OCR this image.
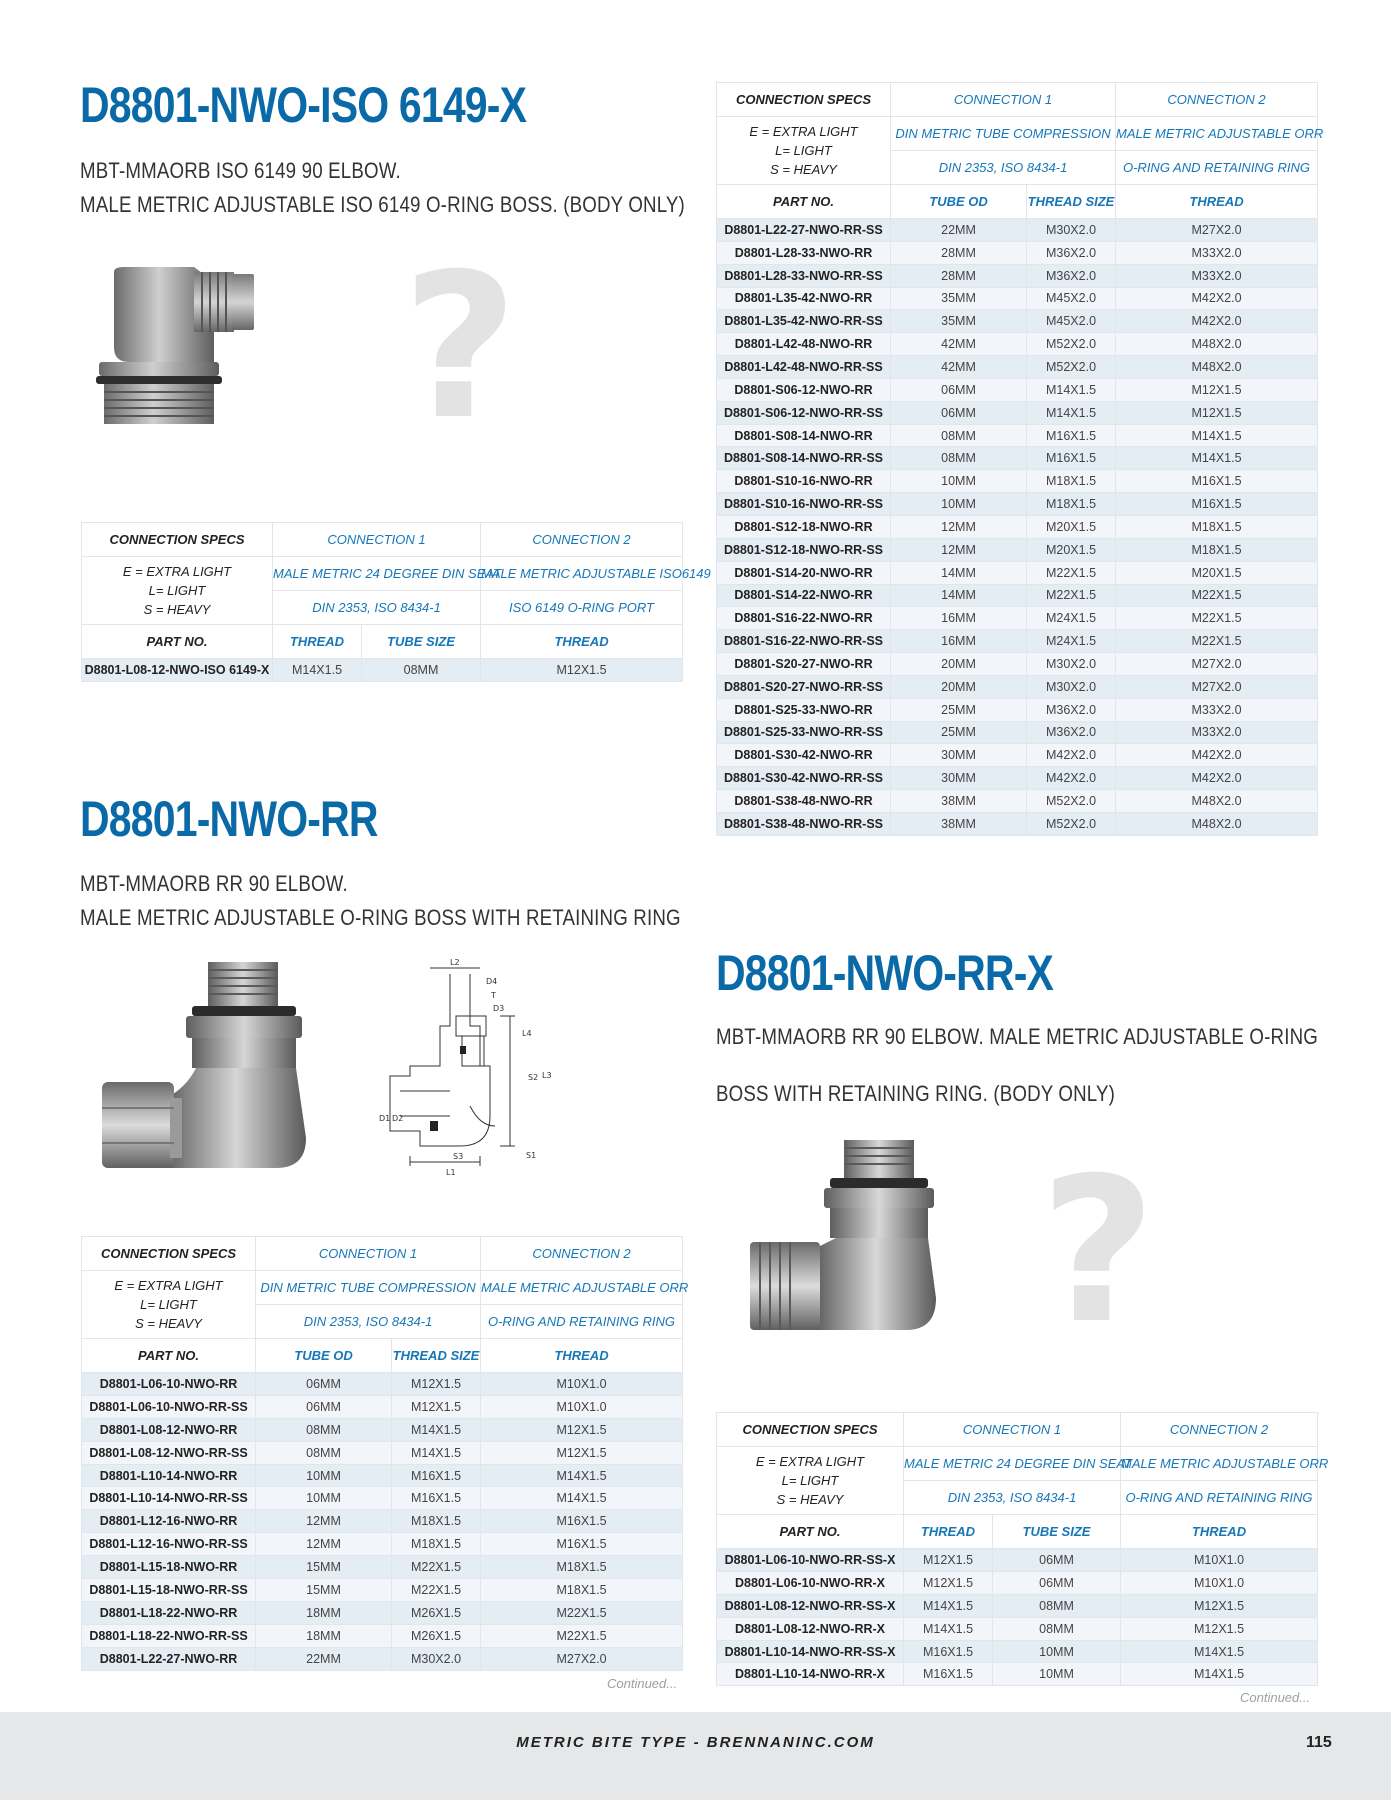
D8801-NWO-ISO 6149-X

MBT-MMAORB ISO 6149 90 ELBOW.

MALE METRIC ADJUSTABLE ISO 6149 O-RING BOSS. (BODY ONLY)

?
CONNECTION SPECS	CONNECTION 1		CONNECTION 2

E = EXTRA LIGHT
L= LIGHT
S = HEAVY	MALE METRIC 24 DEGREE DIN SEAT		MALE METRIC ADJUSTABLE ISO6149
	DIN 2353, ISO 8434-1		ISO 6149 O-RING PORT
PART NO.	THREAD	TUBE SIZE	THREAD
D8801-L08-12-NWO-ISO 6149-X	M14X1.5	08MM	M12X1.5
D8801-NWO-RR

MBT-MMAORB RR 90 ELBOW.

MALE METRIC ADJUSTABLE O-RING BOSS WITH RETAINING RING

L2
D4
T
D3
L4
S2 L3
D1 D2
S3	S1
L1
CONNECTION SPECS	CONNECTION 1		CONNECTION 2

E = EXTRA LIGHT
L= LIGHT
S = HEAVY	DIN METRIC TUBE COMPRESSION		MALE METRIC ADJUSTABLE ORR
	DIN 2353, ISO 8434-1		O-RING AND RETAINING RING
PART NO.	TUBE OD	THREAD SIZE	THREAD
D8801-L06-10-NWO-RR	06MM	M12X1.5	M10X1.0
D8801-L06-10-NWO-RR-SS	06MM	M12X1.5	M10X1.0
D8801-L08-12-NWO-RR	08MM	M14X1.5	M12X1.5
D8801-L08-12-NWO-RR-SS	08MM	M14X1.5	M12X1.5
D8801-L10-14-NWO-RR	10MM	M16X1.5	M14X1.5
D8801-L10-14-NWO-RR-SS	10MM	M16X1.5	M14X1.5
D8801-L12-16-NWO-RR	12MM	M18X1.5	M16X1.5
D8801-L12-16-NWO-RR-SS	12MM	M18X1.5	M16X1.5
D8801-L15-18-NWO-RR	15MM	M22X1.5	M18X1.5
D8801-L15-18-NWO-RR-SS	15MM	M22X1.5	M18X1.5
D8801-L18-22-NWO-RR	18MM	M26X1.5	M22X1.5
D8801-L18-22-NWO-RR-SS	18MM	M26X1.5	M22X1.5
D8801-L22-27-NWO-RR	22MM	M30X2.0	M27X2.0
Continued...
CONNECTION SPECS	CONNECTION 1		CONNECTION 2

E = EXTRA LIGHT
L= LIGHT
S = HEAVY	DIN METRIC TUBE COMPRESSION		MALE METRIC ADJUSTABLE ORR
	DIN 2353, ISO 8434-1		O-RING AND RETAINING RING
PART NO.	TUBE OD	THREAD SIZE	THREAD
D8801-L22-27-NWO-RR-SS	22MM	M30X2.0	M27X2.0
D8801-L28-33-NWO-RR	28MM	M36X2.0	M33X2.0
D8801-L28-33-NWO-RR-SS	28MM	M36X2.0	M33X2.0
D8801-L35-42-NWO-RR	35MM	M45X2.0	M42X2.0
D8801-L35-42-NWO-RR-SS	35MM	M45X2.0	M42X2.0
D8801-L42-48-NWO-RR	42MM	M52X2.0	M48X2.0
D8801-L42-48-NWO-RR-SS	42MM	M52X2.0	M48X2.0
D8801-S06-12-NWO-RR	06MM	M14X1.5	M12X1.5
D8801-S06-12-NWO-RR-SS	06MM	M14X1.5	M12X1.5
D8801-S08-14-NWO-RR	08MM	M16X1.5	M14X1.5
D8801-S08-14-NWO-RR-SS	08MM	M16X1.5	M14X1.5
D8801-S10-16-NWO-RR	10MM	M18X1.5	M16X1.5
D8801-S10-16-NWO-RR-SS	10MM	M18X1.5	M16X1.5
D8801-S12-18-NWO-RR	12MM	M20X1.5	M18X1.5
D8801-S12-18-NWO-RR-SS	12MM	M20X1.5	M18X1.5
D8801-S14-20-NWO-RR	14MM	M22X1.5	M20X1.5
D8801-S14-22-NWO-RR	14MM	M22X1.5	M22X1.5
D8801-S16-22-NWO-RR	16MM	M24X1.5	M22X1.5
D8801-S16-22-NWO-RR-SS	16MM	M24X1.5	M22X1.5
D8801-S20-27-NWO-RR	20MM	M30X2.0	M27X2.0
D8801-S20-27-NWO-RR-SS	20MM	M30X2.0	M27X2.0
D8801-S25-33-NWO-RR	25MM	M36X2.0	M33X2.0
D8801-S25-33-NWO-RR-SS	25MM	M36X2.0	M33X2.0
D8801-S30-42-NWO-RR	30MM	M42X2.0	M42X2.0
D8801-S30-42-NWO-RR-SS	30MM	M42X2.0	M42X2.0
D8801-S38-48-NWO-RR	38MM	M52X2.0	M48X2.0
D8801-S38-48-NWO-RR-SS	38MM	M52X2.0	M48X2.0
D8801-NWO-RR-X

MBT-MMAORB RR 90 ELBOW. MALE METRIC ADJUSTABLE O-RING

BOSS WITH RETAINING RING. (BODY ONLY)

?
CONNECTION SPECS	CONNECTION 1		CONNECTION 2

E = EXTRA LIGHT
L= LIGHT
S = HEAVY	MALE METRIC 24 DEGREE DIN SEAT		MALE METRIC ADJUSTABLE ORR
	DIN 2353, ISO 8434-1		O-RING AND RETAINING RING
PART NO.	THREAD	TUBE SIZE	THREAD
D8801-L06-10-NWO-RR-SS-X	M12X1.5	06MM	M10X1.0
D8801-L06-10-NWO-RR-X	M12X1.5	06MM	M10X1.0
D8801-L08-12-NWO-RR-SS-X	M14X1.5	08MM	M12X1.5
D8801-L08-12-NWO-RR-X	M14X1.5	08MM	M12X1.5
D8801-L10-14-NWO-RR-SS-X	M16X1.5	10MM	M14X1.5
D8801-L10-14-NWO-RR-X	M16X1.5	10MM	M14X1.5
Continued...
METRIC BITE TYPE - BRENNANINC.COM	115
